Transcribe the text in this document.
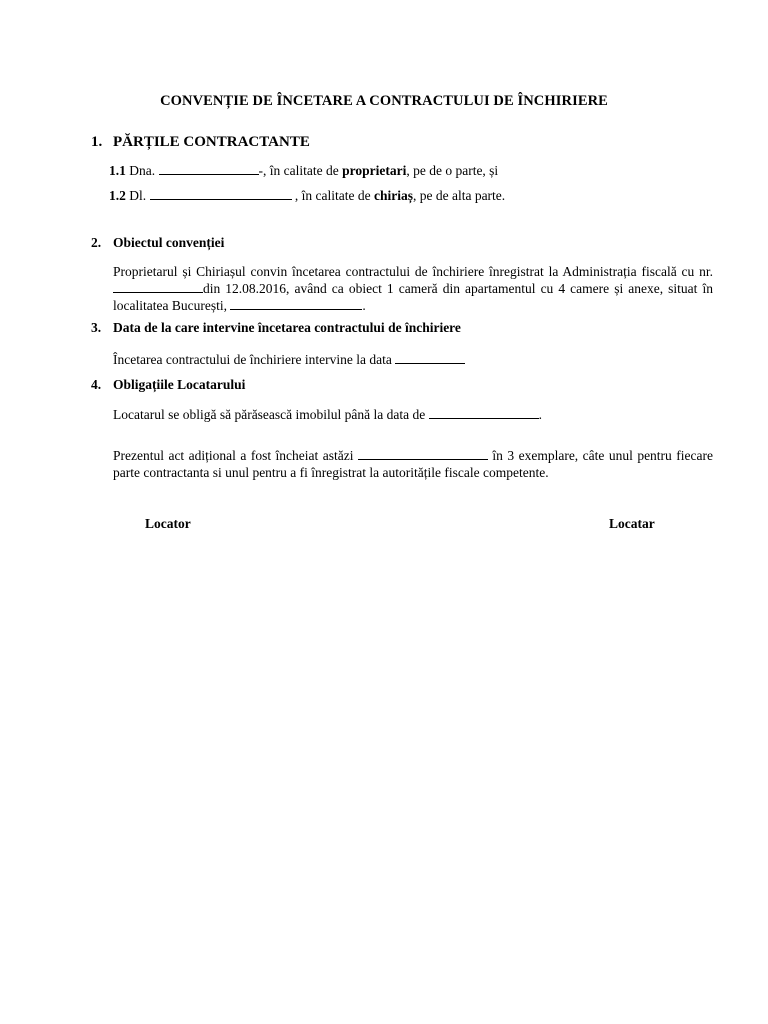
CONVENȚIE DE ÎNCETARE A CONTRACTULUI DE ÎNCHIRIERE
1. PĂRȚILE CONTRACTANTE
1.1 Dna.	-, în calitate de proprietari, pe de o parte, și
1.2 Dl.	, în calitate de chiriaș, pe de alta parte.
2. Obiectul convenției
Proprietarul și Chiriașul convin încetarea contractului de închiriere înregistrat la Administrația fiscală cu nr.din 12.08.2016, având ca obiect 1 cameră din apartamentul cu 4 camere și anexe, situat în localitatea București,	.
3. Data de la care intervine încetarea contractului de închiriere
Încetarea contractului de închiriere intervine la data
4. Obligațiile Locatarului
Locatarul se obligă să părăsească imobilul până la data de	.
Prezentul act adițional a fost încheiat astăzi	în 3 exemplare, câte unul pentru fiecare parte contractanta si unul pentru a fi înregistrat la autoritățile fiscale competente.
Locator	Locatar
